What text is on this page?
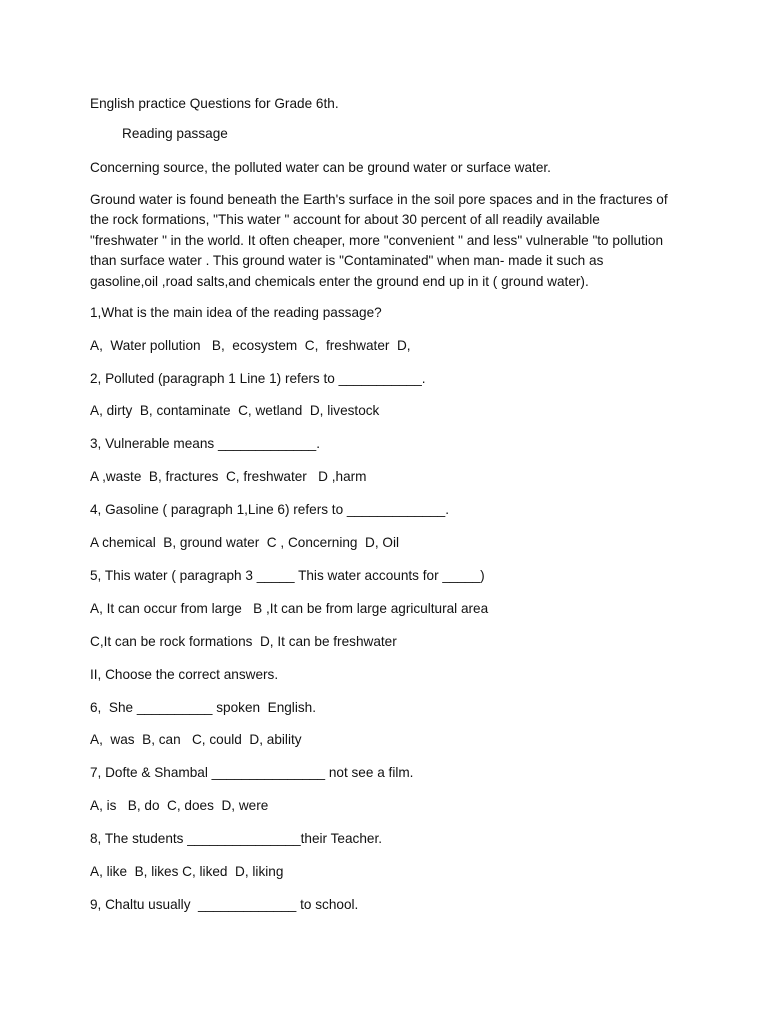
English practice Questions for Grade 6th.

Reading passage

Concerning source, the polluted water can be ground water or surface water.

Ground water is found beneath the Earth's surface in the soil pore spaces and in the fractures of
the rock formations, "This water " account for about 30 percent of all readily available
"freshwater " in the world. It often cheaper, more "convenient " and less" vulnerable "to pollution
than surface water . This ground water is "Contaminated" when man- made it such as
gasoline,oil ,road salts,and chemicals enter the ground end up in it ( ground water).

1,What is the main idea of the reading passage?

A,  Water pollution   B,  ecosystem  C,  freshwater  D,

2, Polluted (paragraph 1 Line 1) refers to ___________.

A, dirty  B, contaminate  C, wetland  D, livestock

3, Vulnerable means _____________.

A ,waste  B, fractures  C, freshwater   D ,harm

4, Gasoline ( paragraph 1,Line 6) refers to _____________.

A chemical  B, ground water  C , Concerning  D, Oil

5, This water ( paragraph 3 _____ This water accounts for _____)

A, It can occur from large   B ,It can be from large agricultural area

C,It can be rock formations  D, It can be freshwater

II, Choose the correct answers.

6,  She __________ spoken  English.

A,  was  B, can   C, could  D, ability

7, Dofte & Shambal _______________ not see a film.

A, is   B, do  C, does  D, were

8, The students _______________their Teacher.

A, like  B, likes C, liked  D, liking

9, Chaltu usually  _____________ to school.
